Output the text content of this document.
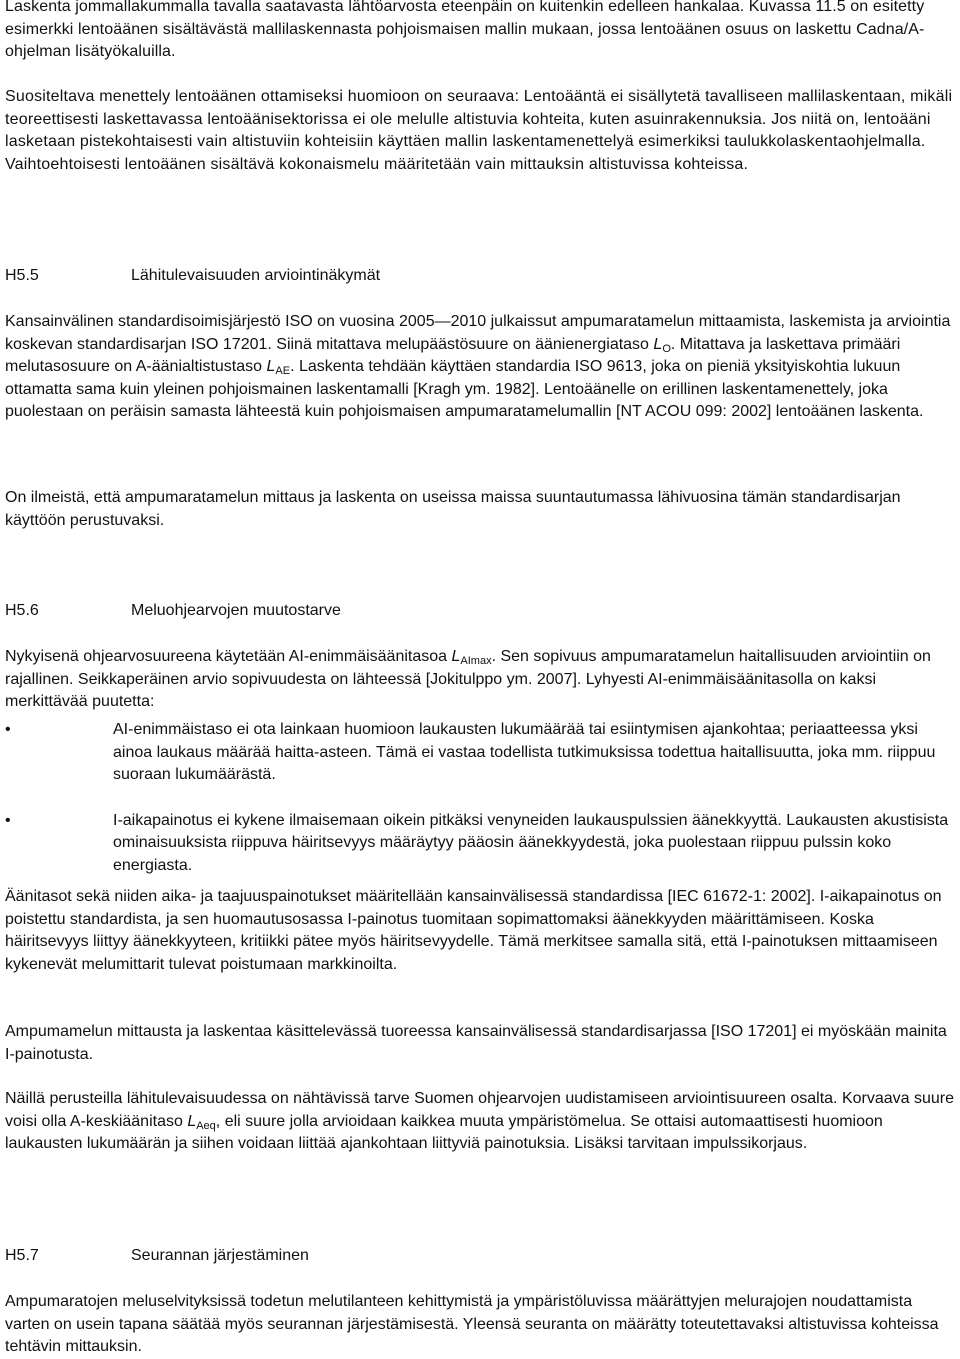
Laskenta jommallakummalla tavalla saatavasta lähtöarvosta eteenpäin on kuitenkin edelleen hankalaa. Kuvassa 11.5 on esitetty esimerkki lentoäänen sisältävästä mallilaskennasta pohjoismaisen mallin mukaan, jossa lentoäänen osuus on laskettu Cadna/A-ohjelman lisätyökaluilla.

Suositeltava menettely lentoäänen ottamiseksi huomioon on seuraava: Lentoääntä ei sisällytetä tavalliseen mallilaskentaan, mikäli teoreettisesti laskettavassa lentoäänisektorissa ei ole melulle altistuvia kohteita, kuten asuinrakennuksia. Jos niitä on, lentoääni lasketaan pistekohtaisesti vain altistuviin kohteisiin käyttäen mallin laskentamenettelyä esimerkiksi taulukkolaskentaohjelmalla. Vaihtoehtoisesti lentoäänen sisältävä kokonaismelu määritetään vain mittauksin altistuvissa kohteissa.

H5.5	Lähitulevaisuuden arviointinäkymät

Kansainvälinen standardisoimisjärjestö ISO on vuosina 2005—2010 julkaissut ampumaratamelun mittaamista, laskemista ja arviointia koskevan standardisarjan ISO 17201. Siinä mitattava melupäästösuure on äänienergiataso $L_O$. Mitattava ja laskettava primääri melutasosuure on A-äänialtistustaso $L_{AE}$. Laskenta tehdään käyttäen standardia ISO 9613, joka on pieniä yksityiskohtia lukuun ottamatta sama kuin yleinen pohjoismainen laskentamalli [Kragh ym. 1982]. Lentoäänelle on erillinen laskentamenettely, joka puolestaan on peräisin samasta lähteestä kuin pohjoismaisen ampumaratamelumallin [NT ACOU 099: 2002] lentoäänen laskenta.

On ilmeistä, että ampumaratamelun mittaus ja laskenta on useissa maissa suuntautumassa lähivuosina tämän standardisarjan käyttöön perustuvaksi.

H5.6	Meluohjearvojen muutostarve

Nykyisenä ohjearvosuureena käytetään AI-enimmäisäänitasoa $L_{AImax}$. Sen sopivuus ampumaratamelun haitallisuuden arviointiin on rajallinen. Seikkaperäinen arvio sopivuudesta on lähteessä [Jokitulppo ym. 2007]. Lyhyesti AI-enimmäisäänitasolla on kaksi merkittävää puutetta:

•	AI-enimmäistaso ei ota lainkaan huomioon laukausten lukumäärää tai esiintymisen ajankohtaa; periaatteessa yksi ainoa laukaus määrää haitta-asteen. Tämä ei vastaa todellista tutkimuksissa todettua haitallisuutta, joka mm. riippuu suoraan lukumäärästä.
•	I-aikapainotus ei kykene ilmaisemaan oikein pitkäksi venyneiden laukauspulssien äänekkyyttä. Laukausten akustisista ominaisuuksista riippuva häiritsevyys määräytyy pääosin äänekkyydestä, joka puolestaan riippuu pulssin koko energiasta.

Äänitasot sekä niiden aika- ja taajuuspainotukset määritellään kansainvälisessä standardissa [IEC 61672-1: 2002]. I-aikapainotus on poistettu standardista, ja sen huomautusosassa I-painotus tuomitaan sopimattomaksi äänekkyyden määrittämiseen. Koska häiritsevyys liittyy äänekkyyteen, kritiikki pätee myös häiritsevyydelle. Tämä merkitsee samalla sitä, että I-painotuksen mittaamiseen kykenevät melumittarit tulevat poistumaan markkinoilta.

Ampumamelun mittausta ja laskentaa käsittelevässä tuoreessa kansainvälisessä standardisarjassa [ISO 17201] ei myöskään mainita I-painotusta.

Näillä perusteilla lähitulevaisuudessa on nähtävissä tarve Suomen ohjearvojen uudistamiseen arviointisuureen osalta. Korvaava suure voisi olla A-keskiäänitaso $L_{Aeq}$, eli suure jolla arvioidaan kaikkea muuta ympäristömelua. Se ottaisi automaattisesti huomioon laukausten lukumäärän ja siihen voidaan liittää ajankohtaan liittyviä painotuksia. Lisäksi tarvitaan impulssikorjaus.

H5.7	Seurannan järjestäminen

Ampumaratojen meluselvityksissä todetun melutilanteen kehittymistä ja ympäristöluvissa määrättyjen melurajojen noudattamista varten on usein tapana säätää myös seurannan järjestämisestä. Yleensä seuranta on määrätty toteutettavaksi altistuvissa kohteissa tehtävin mittauksin.
